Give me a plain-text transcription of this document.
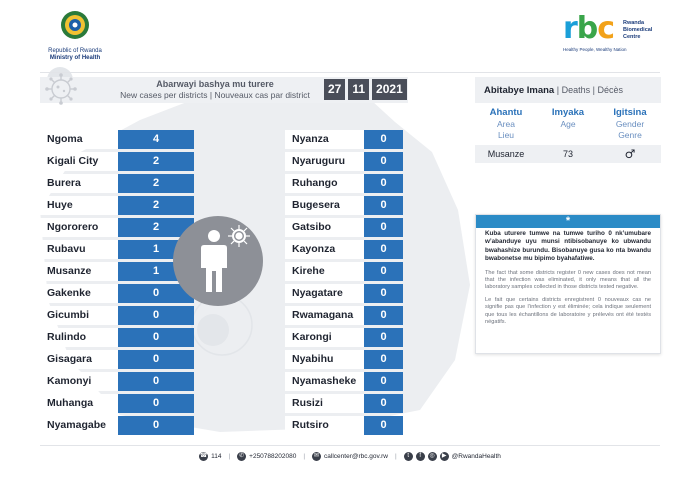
Republic of Rwanda
Ministry of Health
rbc	Rwanda
Biomedical
Centre
Healthy People, Wealthy Nation
Abarwayi bashya mu turere
New cases per districts | Nouveaux cas par district	27 11 2021
Ngoma	4
Kigali City	2
Burera	2
Huye	2
Ngororero	2
Rubavu	1
Musanze	1
Gakenke	0
Gicumbi	0
Rulindo	0
Gisagara	0
Kamonyi	0
Muhanga	0
Nyamagabe	0
Nyanza	0
Nyaruguru	0
Ruhango	0
Bugesera	0
Gatsibo	0
Kayonza	0
Kirehe	0
Nyagatare	0
Rwamagana	0
Karongi	0
Nyabihu	0
Nyamasheke	0
Rusizi	0
Rutsiro	0
Abitabye Imana | Deaths | Décès
Ahantu
Area
Lieu
Imyaka
Age
Igitsina
Gender
Genre
Musanze	73	♂
*

Kuba uturere tumwe na tumwe turiho 0 nk’umubare w’abanduye uyu munsi ntibisobanuye ko ubwandu bwahashize burundu. Bisobanuye gusa ko nta bwandu bwabonetse mu bipimo byahafatiwe.

The fact that some districts register 0 new cases does not mean that the infection was eliminated, it only means that all the laboratory samples collected in those districts tested negative.

Le fait que certains districts enregistrent 0 nouveaux cas ne signifie pas que l’infection y est éliminée; cela indique seulement que tous les échantillons de laboratoire y prélevés ont été testés négatifs.

☎ 114 |	✆ +250788202080 |	✉ callcenter@rbc.gov.rw |	t	f	◎	▶ @RwandaHealth
